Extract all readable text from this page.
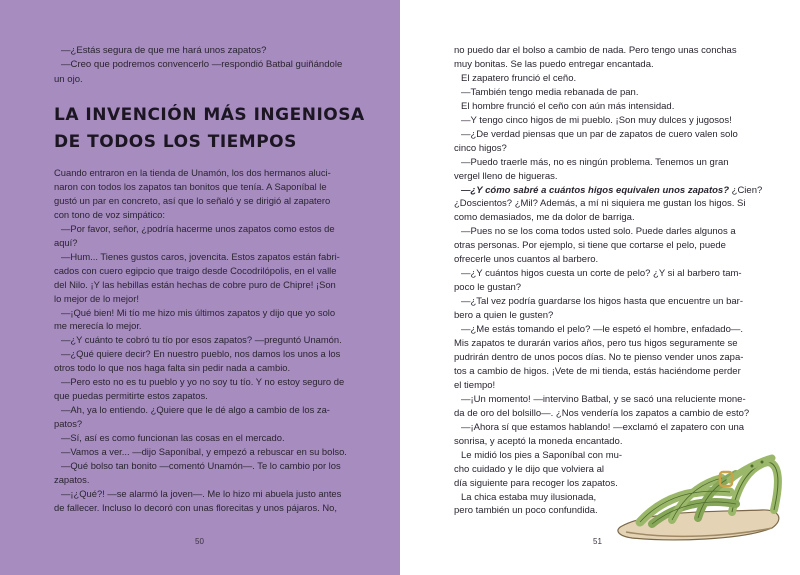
—¿Estás segura de que me hará unos zapatos?
—Creo que podremos convencerlo —respondió Batbal guiñándole
un ojo.
LA INVENCIÓN MÁS INGENIOSA
DE TODOS LOS TIEMPOS
Cuando entraron en la tienda de Unamón, los dos hermanos aluci-
naron con todos los zapatos tan bonitos que tenía. A Saponíbal le
gustó un par en concreto, así que lo señaló y se dirigió al zapatero
con tono de voz simpático:
—Por favor, señor, ¿podría hacerme unos zapatos como estos de
aquí?
—Hum... Tienes gustos caros, jovencita. Estos zapatos están fabri-
cados con cuero egipcio que traigo desde Cocodrilópolis, en el valle
del Nilo. ¡Y las hebillas están hechas de cobre puro de Chipre! ¡Son
lo mejor de lo mejor!
—¡Qué bien! Mi tío me hizo mis últimos zapatos y dijo que yo solo
me merecía lo mejor.
—¿Y cuánto te cobró tu tío por esos zapatos? —preguntó Unamón.
—¿Qué quiere decir? En nuestro pueblo, nos damos los unos a los
otros todo lo que nos haga falta sin pedir nada a cambio.
—Pero esto no es tu pueblo y yo no soy tu tío. Y no estoy seguro de
que puedas permitirte estos zapatos.
—Ah, ya lo entiendo. ¿Quiere que le dé algo a cambio de los za-
patos?
—Sí, así es como funcionan las cosas en el mercado.
—Vamos a ver... —dijo Saponíbal, y empezó a rebuscar en su bolso.
—Qué bolso tan bonito —comentó Unamón—. Te lo cambio por los
zapatos.
—¡¿Qué?! —se alarmó la joven—. Me lo hizo mi abuela justo antes
de fallecer. Incluso lo decoró con unas florecitas y unos pájaros. No,
50	51
no puedo dar el bolso a cambio de nada. Pero tengo unas conchas
muy bonitas. Se las puedo entregar encantada.
El zapatero frunció el ceño.
—También tengo media rebanada de pan.
El hombre frunció el ceño con aún más intensidad.
—Y tengo cinco higos de mi pueblo. ¡Son muy dulces y jugosos!
—¿De verdad piensas que un par de zapatos de cuero valen solo
cinco higos?
—Puedo traerle más, no es ningún problema. Tenemos un gran
vergel lleno de higueras.
—¿Y cómo sabré a cuántos higos equivalen unos zapatos? ¿Cien?
¿Doscientos? ¿Mil? Además, a mí ni siquiera me gustan los higos. Si
como demasiados, me da dolor de barriga.
—Pues no se los coma todos usted solo. Puede darles algunos a
otras personas. Por ejemplo, si tiene que cortarse el pelo, puede
ofrecerle unos cuantos al barbero.
—¿Y cuántos higos cuesta un corte de pelo? ¿Y si al barbero tam-
poco le gustan?
—¿Tal vez podría guardarse los higos hasta que encuentre un bar-
bero a quien le gusten?
—¿Me estás tomando el pelo? —le espetó el hombre, enfadado—.
Mis zapatos te durarán varios años, pero tus higos seguramente se
pudrirán dentro de unos pocos días. No te pienso vender unos zapa-
tos a cambio de higos. ¡Vete de mi tienda, estás haciéndome perder
el tiempo!
—¡Un momento! —intervino Batbal, y se sacó una reluciente mone-
da de oro del bolsillo—. ¿Nos vendería los zapatos a cambio de esto?
—¡Ahora sí que estamos hablando! —exclamó el zapatero con una
sonrisa, y aceptó la moneda encantado.
Le midió los pies a Saponíbal con mu-
cho cuidado y le dijo que volviera al
día siguiente para recoger los zapatos.
La chica estaba muy ilusionada,
pero también un poco confundida.
